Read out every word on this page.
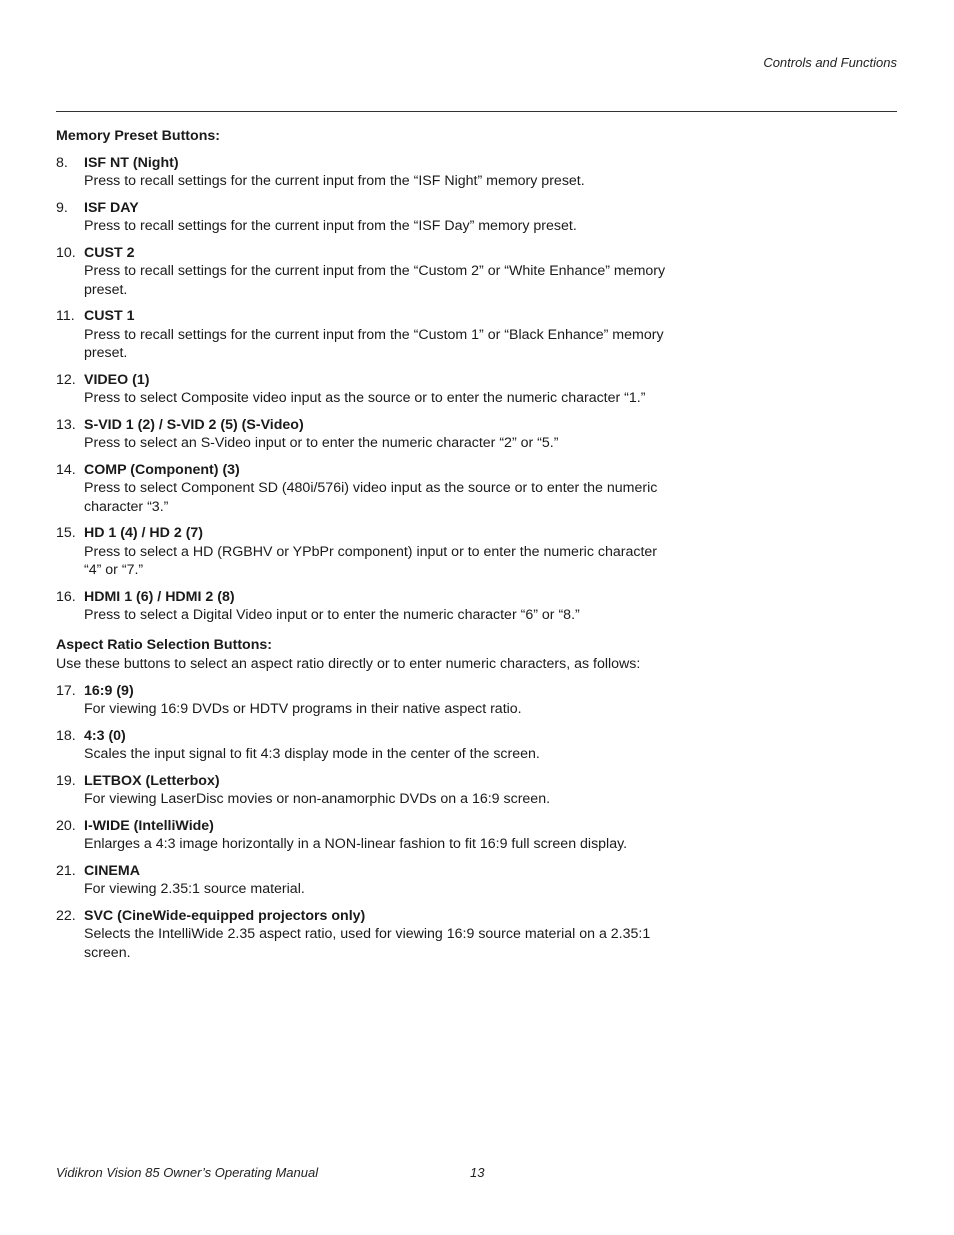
Controls and Functions
Memory Preset Buttons:
8.	ISF NT (Night)
Press to recall settings for the current input from the “ISF Night” memory preset.
9.	ISF DAY
Press to recall settings for the current input from the “ISF Day” memory preset.
10. CUST 2
Press to recall settings for the current input from the “Custom 2” or “White Enhance” memory preset.
11. CUST 1
Press to recall settings for the current input from the “Custom 1” or “Black Enhance” memory preset.
12. VIDEO (1)
Press to select Composite video input as the source or to enter the numeric character “1.”
13. S-VID 1 (2) / S-VID 2 (5) (S-Video)
Press to select an S-Video input or to enter the numeric character “2” or “5.”
14. COMP (Component) (3)
Press to select Component SD (480i/576i) video input as the source or to enter the numeric character “3.”
15. HD 1 (4) / HD 2 (7)
Press to select a HD (RGBHV or YPbPr component) input or to enter the numeric character “4” or “7.”
16. HDMI 1 (6) / HDMI 2 (8)
Press to select a Digital Video input or to enter the numeric character “6” or “8.”
Aspect Ratio Selection Buttons:
Use these buttons to select an aspect ratio directly or to enter numeric characters, as follows:
17. 16:9 (9)
For viewing 16:9 DVDs or HDTV programs in their native aspect ratio.
18. 4:3 (0)
Scales the input signal to fit 4:3 display mode in the center of the screen.
19. LETBOX (Letterbox)
For viewing LaserDisc movies or non-anamorphic DVDs on a 16:9 screen.
20. I-WIDE (IntelliWide)
Enlarges a 4:3 image horizontally in a NON-linear fashion to fit 16:9 full screen display.
21. CINEMA
For viewing 2.35:1 source material.
22. SVC (CineWide-equipped projectors only)
Selects the IntelliWide 2.35 aspect ratio, used for viewing 16:9 source material on a 2.35:1 screen.
Vidikron Vision 85 Owner’s Operating Manual	13
